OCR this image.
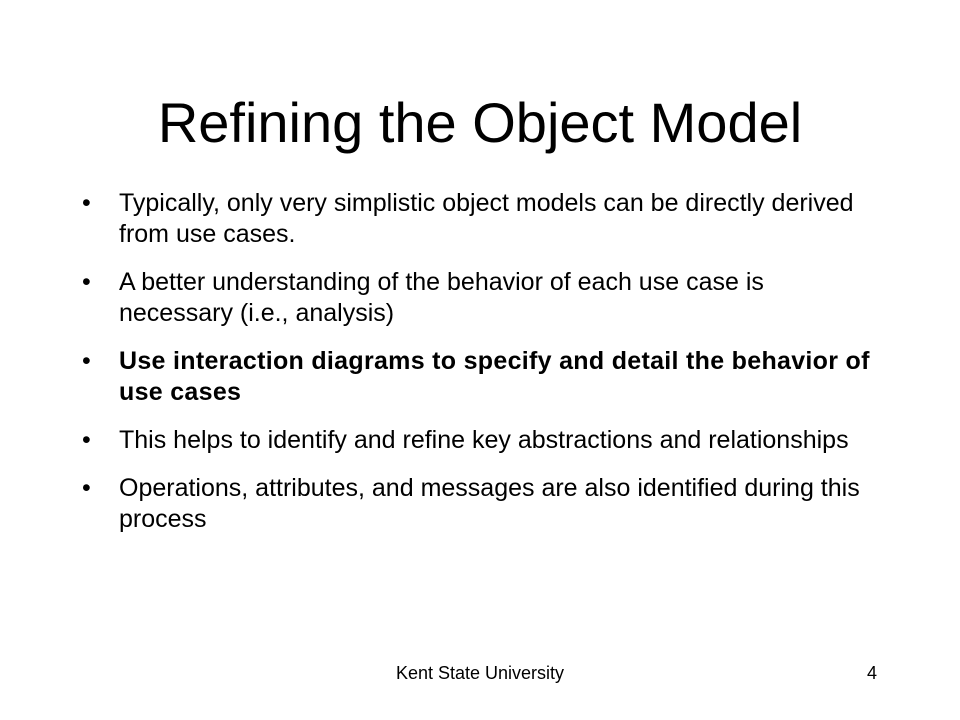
Refining the Object Model
• Typically, only very simplistic object models can be directly derived from use cases.
• A better understanding of the behavior of each use case is necessary (i.e., analysis)
• Use interaction diagrams to specify and detail the behavior of use cases
• This helps to identify and refine key abstractions and relationships
• Operations, attributes, and messages are also identified during this process
Kent State University	4
